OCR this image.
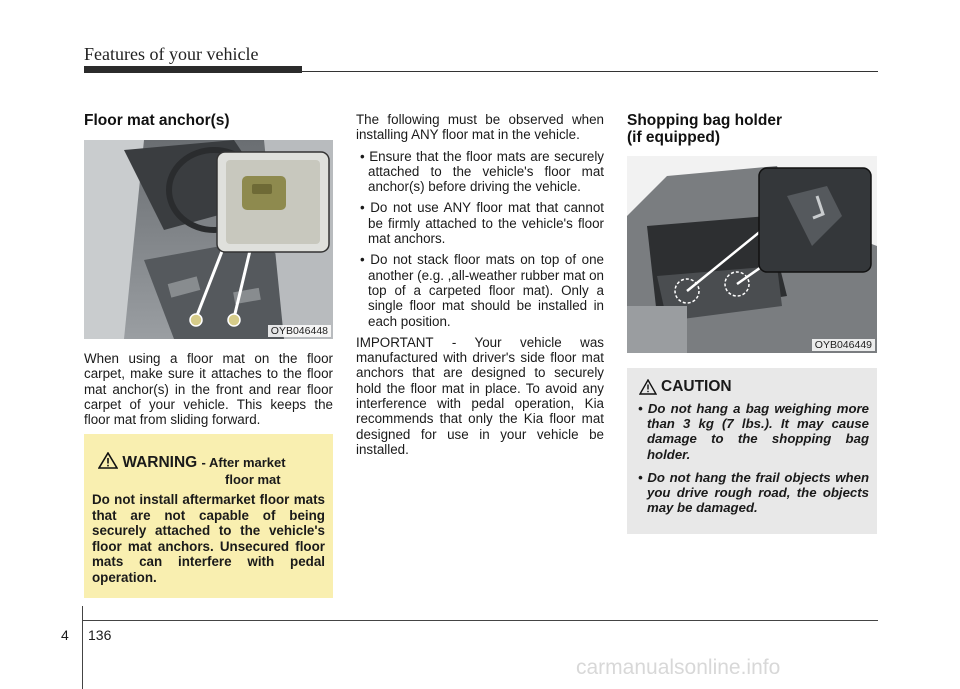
Features of your vehicle
Floor mat anchor(s)
OYB046448

When using a floor mat on the floor carpet, make sure it attaches to the floor mat anchor(s) in the front and rear floor carpet of your vehicle. This keeps the floor mat from sliding forward.

WARNING - After market
floor mat
Do not install aftermarket floor mats that are not capable of being securely attached to the vehicle's floor mat anchors. Unsecured floor mats can interfere with pedal operation.

The following must be observed when installing ANY floor mat in the vehicle.

• Ensure that the floor mats are securely attached to the vehicle's floor mat anchor(s) before driving the vehicle.
• Do not use ANY floor mat that cannot be firmly attached to the vehicle's floor mat anchors.
• Do not stack floor mats on top of one another (e.g. ,all-weather rubber mat on top of a carpeted floor mat). Only a single floor mat should be installed in each position.

IMPORTANT - Your vehicle was manufactured with driver's side floor mat anchors that are designed to securely hold the floor mat in place. To avoid any interference with pedal operation, Kia recommends that only the Kia floor mat designed for use in your vehicle be installed.

Shopping bag holder
(if equipped)
OYB046449
CAUTION
• Do not hang a bag weighing more than 3 kg (7 lbs.). It may cause damage to the shopping bag holder.
• Do not hang the frail objects when you drive rough road, the objects may be damaged.
4 136
carmanualsonline.info
